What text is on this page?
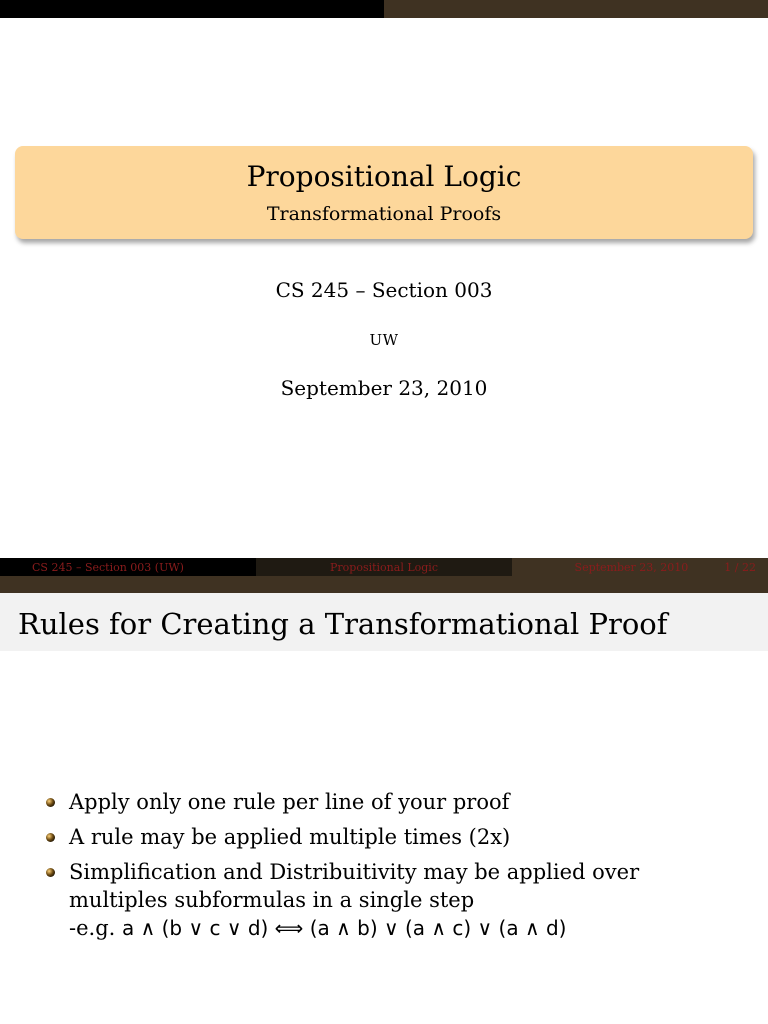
Propositional Logic
Transformational Proofs
CS 245 – Section 003
UW
September 23, 2010
CS 245 – Section 003 (UW)	Propositional Logic	September 23, 2010	1 / 22
Rules for Creating a Transformational Proof
Apply only one rule per line of your proof
A rule may be applied multiple times (2x)
Simplification and Distribuitivity may be applied over multiples subformulas in a single step
-e.g. a ∧ (b ∨ c ∨ d) ⟺ (a ∧ b) ∨ (a ∧ c) ∨ (a ∧ d)
